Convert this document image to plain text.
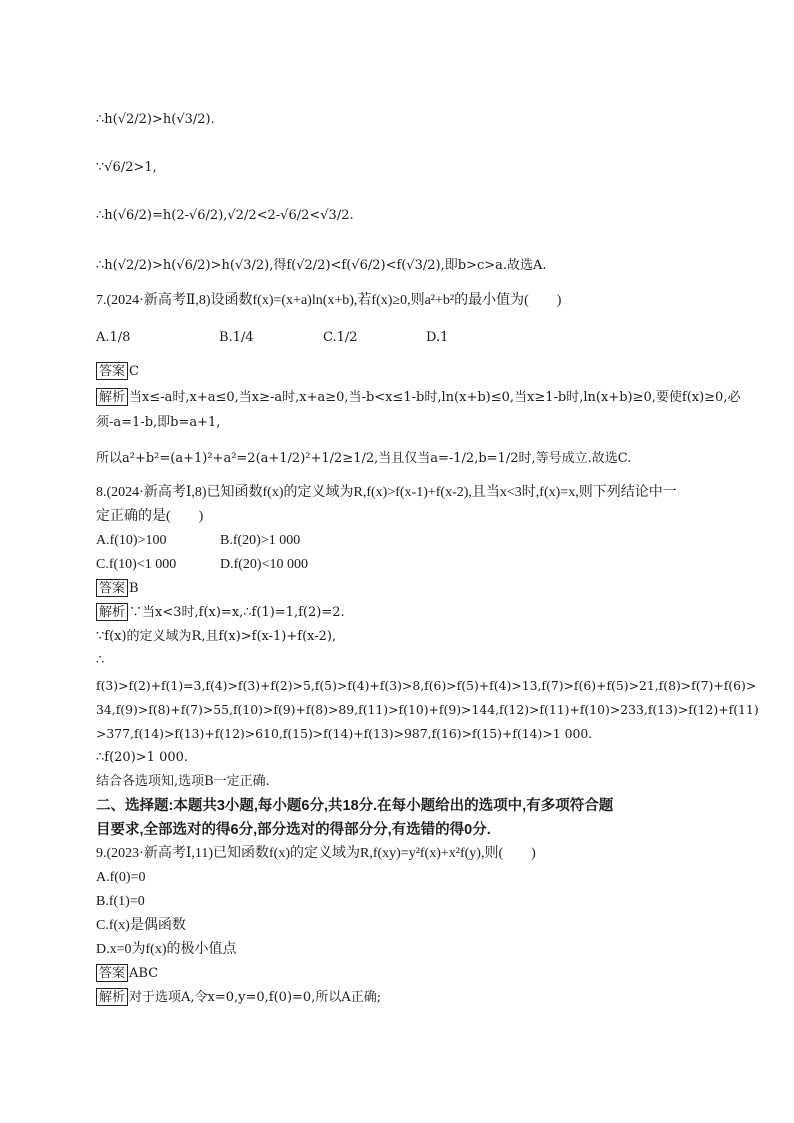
∴h(√2/2)>h(√3/2).
∵√6/2>1,
∴h(√6/2)=h(2-√6/2),√2/2<2-√6/2<√3/2.
∴h(√2/2)>h(√6/2)>h(√3/2),得f(√2/2)<f(√6/2)<f(√3/2),即b>c>a.故选A.
7.(2024·新高考Ⅱ,8)设函数f(x)=(x+a)ln(x+b),若f(x)≥0,则a²+b²的最小值为(　　)
A.1/8	B.1/4	C.1/2	D.1
答案 C
解析 当x≤-a时,x+a≤0,当x≥-a时,x+a≥0,当-b<x≤1-b时,ln(x+b)≤0,当x≥1-b时,ln(x+b)≥0,要使f(x)≥0,必
须-a=1-b,即b=a+1,
所以a²+b²=(a+1)²+a²=2(a+1/2)²+1/2≥1/2,当且仅当a=-1/2,b=1/2时,等号成立.故选C.
8.(2024·新高考Ⅰ,8)已知函数f(x)的定义域为R,f(x)>f(x-1)+f(x-2),且当x<3时,f(x)=x,则下列结论中一
定正确的是(　　)
A.f(10)>100	B.f(20)>1 000
C.f(10)<1 000	D.f(20)<10 000
答案 B
解析 ∵当x<3时,f(x)=x,∴f(1)=1,f(2)=2.
∵f(x)的定义域为R,且f(x)>f(x-1)+f(x-2),
∴
f(3)>f(2)+f(1)=3,f(4)>f(3)+f(2)>5,f(5)>f(4)+f(3)>8,f(6)>f(5)+f(4)>13,f(7)>f(6)+f(5)>21,f(8)>f(7)+f(6)>
34,f(9)>f(8)+f(7)>55,f(10)>f(9)+f(8)>89,f(11)>f(10)+f(9)>144,f(12)>f(11)+f(10)>233,f(13)>f(12)+f(11)
>377,f(14)>f(13)+f(12)>610,f(15)>f(14)+f(13)>987,f(16)>f(15)+f(14)>1 000.
∴f(20)>1 000.
结合各选项知,选项B一定正确.
二、选择题:本题共3小题,每小题6分,共18分.在每小题给出的选项中,有多项符合题
目要求,全部选对的得6分,部分选对的得部分分,有选错的得0分.
9.(2023·新高考Ⅰ,11)已知函数f(x)的定义域为R,f(xy)=y²f(x)+x²f(y),则(　　)
A.f(0)=0
B.f(1)=0
C.f(x)是偶函数
D.x=0为f(x)的极小值点
答案 ABC
解析 对于选项A,令x=0,y=0,f(0)=0,所以A正确;
